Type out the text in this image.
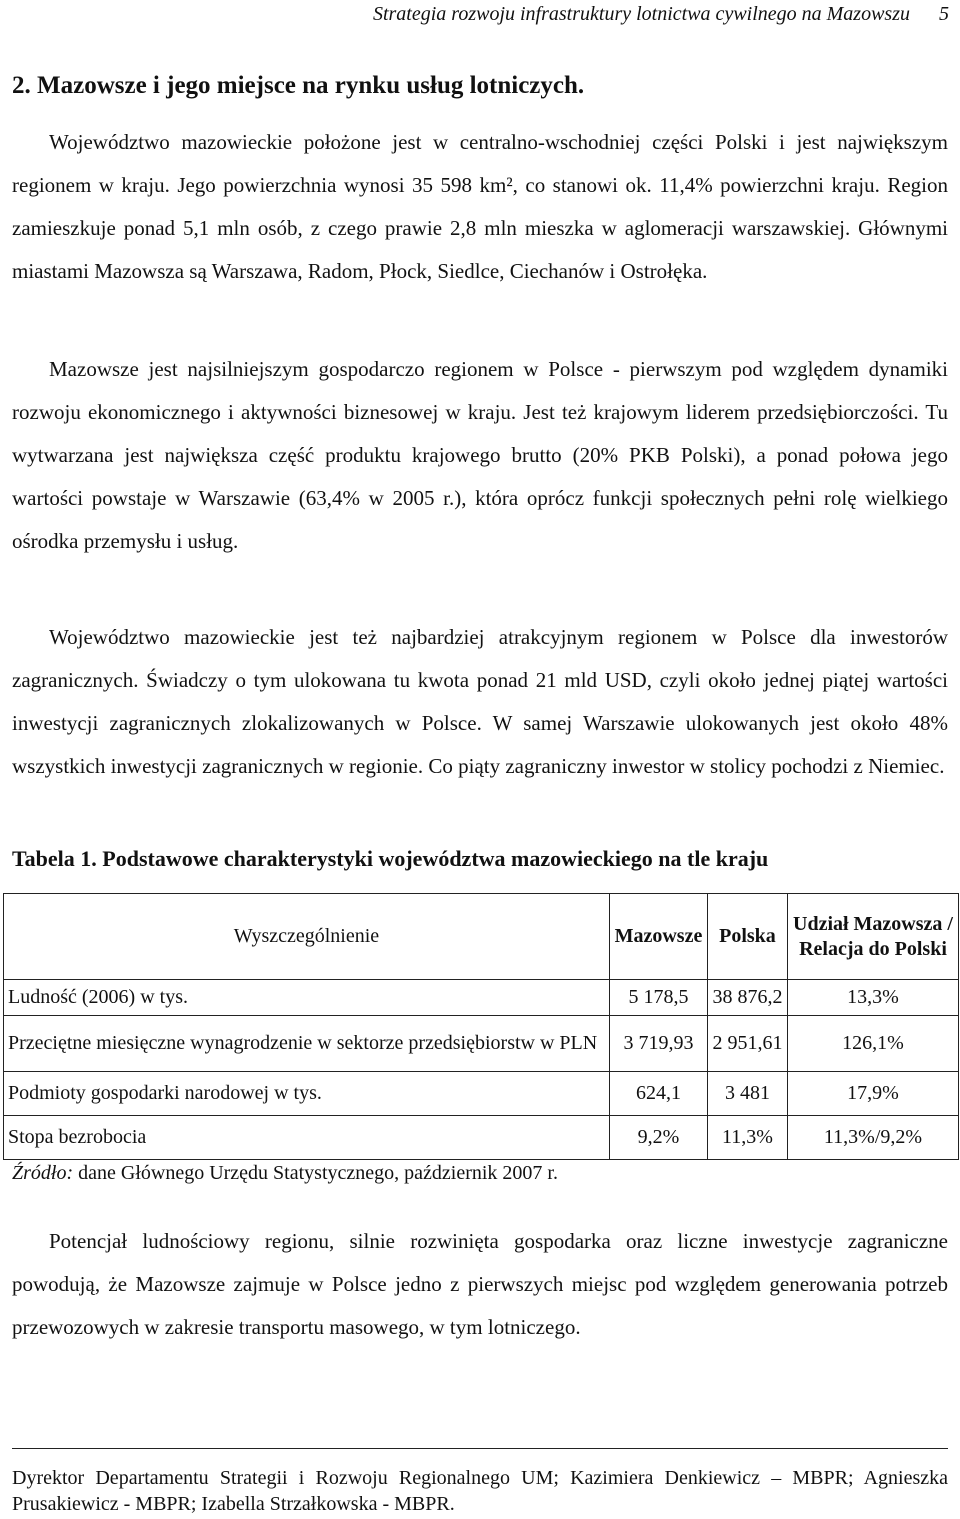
Strategia rozwoju infrastruktury lotnictwa cywilnego na Mazowszu 5
2. Mazowsze i jego miejsce na rynku usług lotniczych.

Województwo mazowieckie położone jest w centralno-wschodniej części Polski i jest największym regionem w kraju. Jego powierzchnia wynosi 35 598 km², co stanowi ok. 11,4% powierzchni kraju. Region zamieszkuje ponad 5,1 mln osób, z czego prawie 2,8 mln mieszka w aglomeracji warszawskiej. Głównymi miastami Mazowsza są Warszawa, Radom, Płock, Siedlce, Ciechanów i Ostrołęka.

Mazowsze jest najsilniejszym gospodarczo regionem w Polsce - pierwszym pod względem dynamiki rozwoju ekonomicznego i aktywności biznesowej w kraju. Jest też krajowym liderem przedsiębiorczości. Tu wytwarzana jest największa część produktu krajowego brutto (20% PKB Polski), a ponad połowa jego wartości powstaje w Warszawie (63,4% w 2005 r.), która oprócz funkcji społecznych pełni rolę wielkiego ośrodka przemysłu i usług.

Województwo mazowieckie jest też najbardziej atrakcyjnym regionem w Polsce dla inwestorów zagranicznych. Świadczy o tym ulokowana tu kwota ponad 21 mld USD, czyli około jednej piątej wartości inwestycji zagranicznych zlokalizowanych w Polsce. W samej Warszawie ulokowanych jest około 48% wszystkich inwestycji zagranicznych w regionie. Co piąty zagraniczny inwestor w stolicy pochodzi z Niemiec.

Tabela 1. Podstawowe charakterystyki województwa mazowieckiego na tle kraju
Wyszczególnienie	Mazowsze	Polska	Udział Mazowsza / Relacja do Polski
Ludność (2006) w tys.	5 178,5	38 876,2	13,3%
Przeciętne miesięczne wynagrodzenie w sektorze przedsiębiorstw w PLN	3 719,93	2 951,61	126,1%
Podmioty gospodarki narodowej w tys.	624,1	3 481	17,9%
Stopa bezrobocia	9,2%	11,3%	11,3%/9,2%
Źródło: dane Głównego Urzędu Statystycznego, październik 2007 r.

Potencjał ludnościowy regionu, silnie rozwinięta gospodarka oraz liczne inwestycje zagraniczne powodują, że Mazowsze zajmuje w Polsce jedno z pierwszych miejsc pod względem generowania potrzeb przewozowych w zakresie transportu masowego, w tym lotniczego.

Dyrektor Departamentu Strategii i Rozwoju Regionalnego UM; Kazimiera Denkiewicz – MBPR; Agnieszka Prusakiewicz - MBPR; Izabella Strzałkowska - MBPR.
